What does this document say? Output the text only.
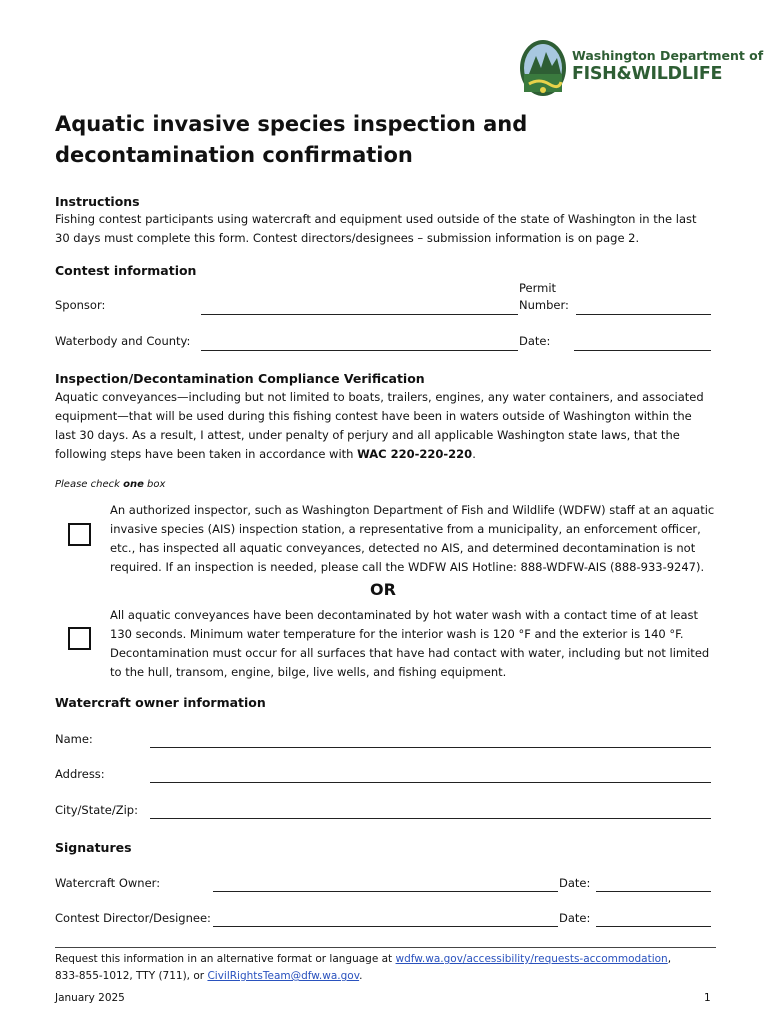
Washington Department of
FISH&WILDLIFE
Aquatic invasive species inspection and decontamination confirmation
Instructions
Fishing contest participants using watercraft and equipment used outside of the state of Washington in the last 30 days must complete this form. Contest directors/designees – submission information is on page 2.
Contest information
Sponsor:
Permit
Number:
Waterbody and County:	Date:
Inspection/Decontamination Compliance Verification
Aquatic conveyances—including but not limited to boats, trailers, engines, any water containers, and associated equipment—that will be used during this fishing contest have been in waters outside of Washington within the last 30 days. As a result, I attest, under penalty of perjury and all applicable Washington state laws, that the following steps have been taken in accordance with WAC 220-220-220.
Please check one box
An authorized inspector, such as Washington Department of Fish and Wildlife (WDFW) staff at an aquatic invasive species (AIS) inspection station, a representative from a municipality, an enforcement officer, etc., has inspected all aquatic conveyances, detected no AIS, and determined decontamination is not required. If an inspection is needed, please call the WDFW AIS Hotline: 888-WDFW-AIS (888-933-9247).
OR
All aquatic conveyances have been decontaminated by hot water wash with a contact time of at least 130 seconds. Minimum water temperature for the interior wash is 120 °F and the exterior is 140 °F. Decontamination must occur for all surfaces that have had contact with water, including but not limited to the hull, transom, engine, bilge, live wells, and fishing equipment.
Watercraft owner information
Name:
Address:
City/State/Zip:
Signatures
Watercraft Owner:	Date:
Contest Director/Designee:	Date:
Request this information in an alternative format or language at wdfw.wa.gov/accessibility/requests-accommodation,
833-855-1012, TTY (711), or CivilRightsTeam@dfw.wa.gov.
January 2025	1
